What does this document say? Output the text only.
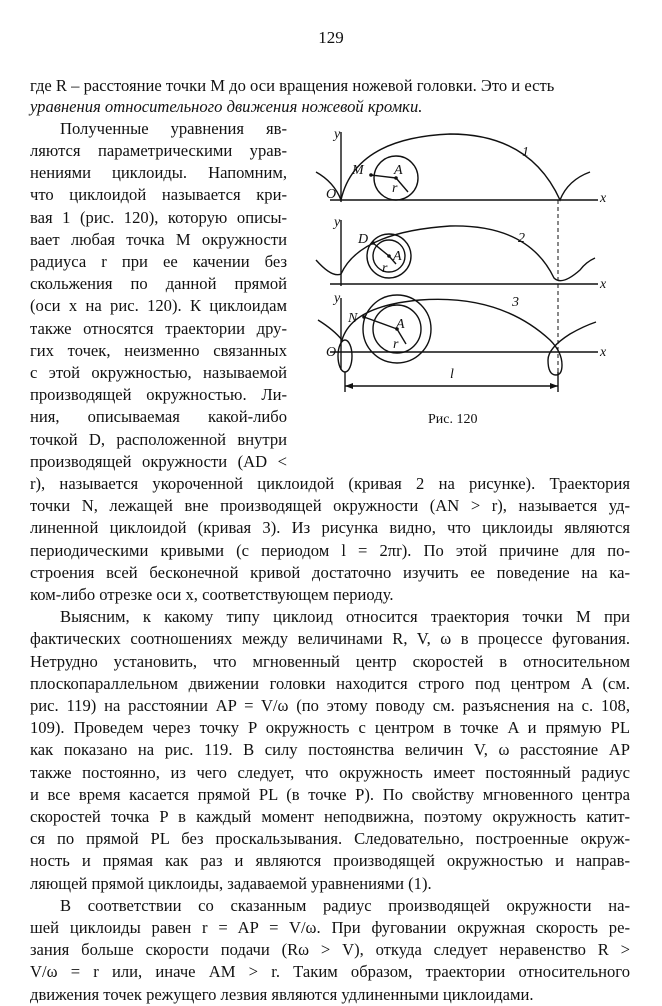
129
где R – расстояние точки M до оси вращения ножевой головки. Это и есть
уравнения относительного движения ножевой кромки.
Полученные уравнения яв-
ляются параметрическими урав-
нениями циклоиды. Напомним,
что циклоидой называется кри-
вая 1 (рис. 120), которую описы-
вает любая точка M окружности
радиуса r при ее качении без
скольжения по данной прямой
(оси x на рис. 120). К циклоидам
также относятся траектории дру-
гих точек, неизменно связанных
с этой окружностью, называемой
производящей окружностью. Ли-
ния, описываемая какой-либо
точкой D, расположенной внутри
производящей окружности (AD <
r), называется укороченной циклоидой (кривая 2 на рисунке). Траектория
точки N, лежащей вне производящей окружности (AN > r), называется уд-
линенной циклоидой (кривая 3). Из рисунка видно, что циклоиды являются
периодическими кривыми (с периодом l = 2πr). По этой причине для по-
строения всей бесконечной кривой достаточно изучить ее поведение на ка-
ком-либо отрезке оси x, соответствующем периоду.
Выясним, к какому типу циклоид относится траектория точки M при
фактических соотношениях между величинами R, V, ω в процессе фугования.
Нетрудно установить, что мгновенный центр скоростей в относительном
плоскопараллельном движении головки находится строго под центром A (см.
рис. 119) на расстоянии AP = V/ω (по этому поводу см. разъяснения на с. 108,
109). Проведем через точку P окружность с центром в точке A и прямую PL
как показано на рис. 119. В силу постоянства величин V, ω расстояние AP
также постоянно, из чего следует, что окружность имеет постоянный радиус
и все время касается прямой PL (в точке P). По свойству мгновенного центра
скоростей точка P в каждый момент неподвижна, поэтому окружность катит-
ся по прямой PL без проскальзывания. Следовательно, построенные окруж-
ность и прямая как раз и являются производящей окружностью и направ-
ляющей прямой циклоиды, задаваемой уравнениями (1).
В соответствии со сказанным радиус производящей окружности на-
шей циклоиды равен r = AP = V/ω. При фуговании окружная скорость ре-
зания больше скорости подачи (Rω > V), откуда следует неравенство R >
V/ω = r или, иначе AM > r. Таким образом, траектории относительного
движения точек режущего лезвия являются удлиненными циклоидами.
y
O
M A
r
1
x
y
D
A
r
2
x
y
N	A
r
3
O	x
l
Рис. 120
